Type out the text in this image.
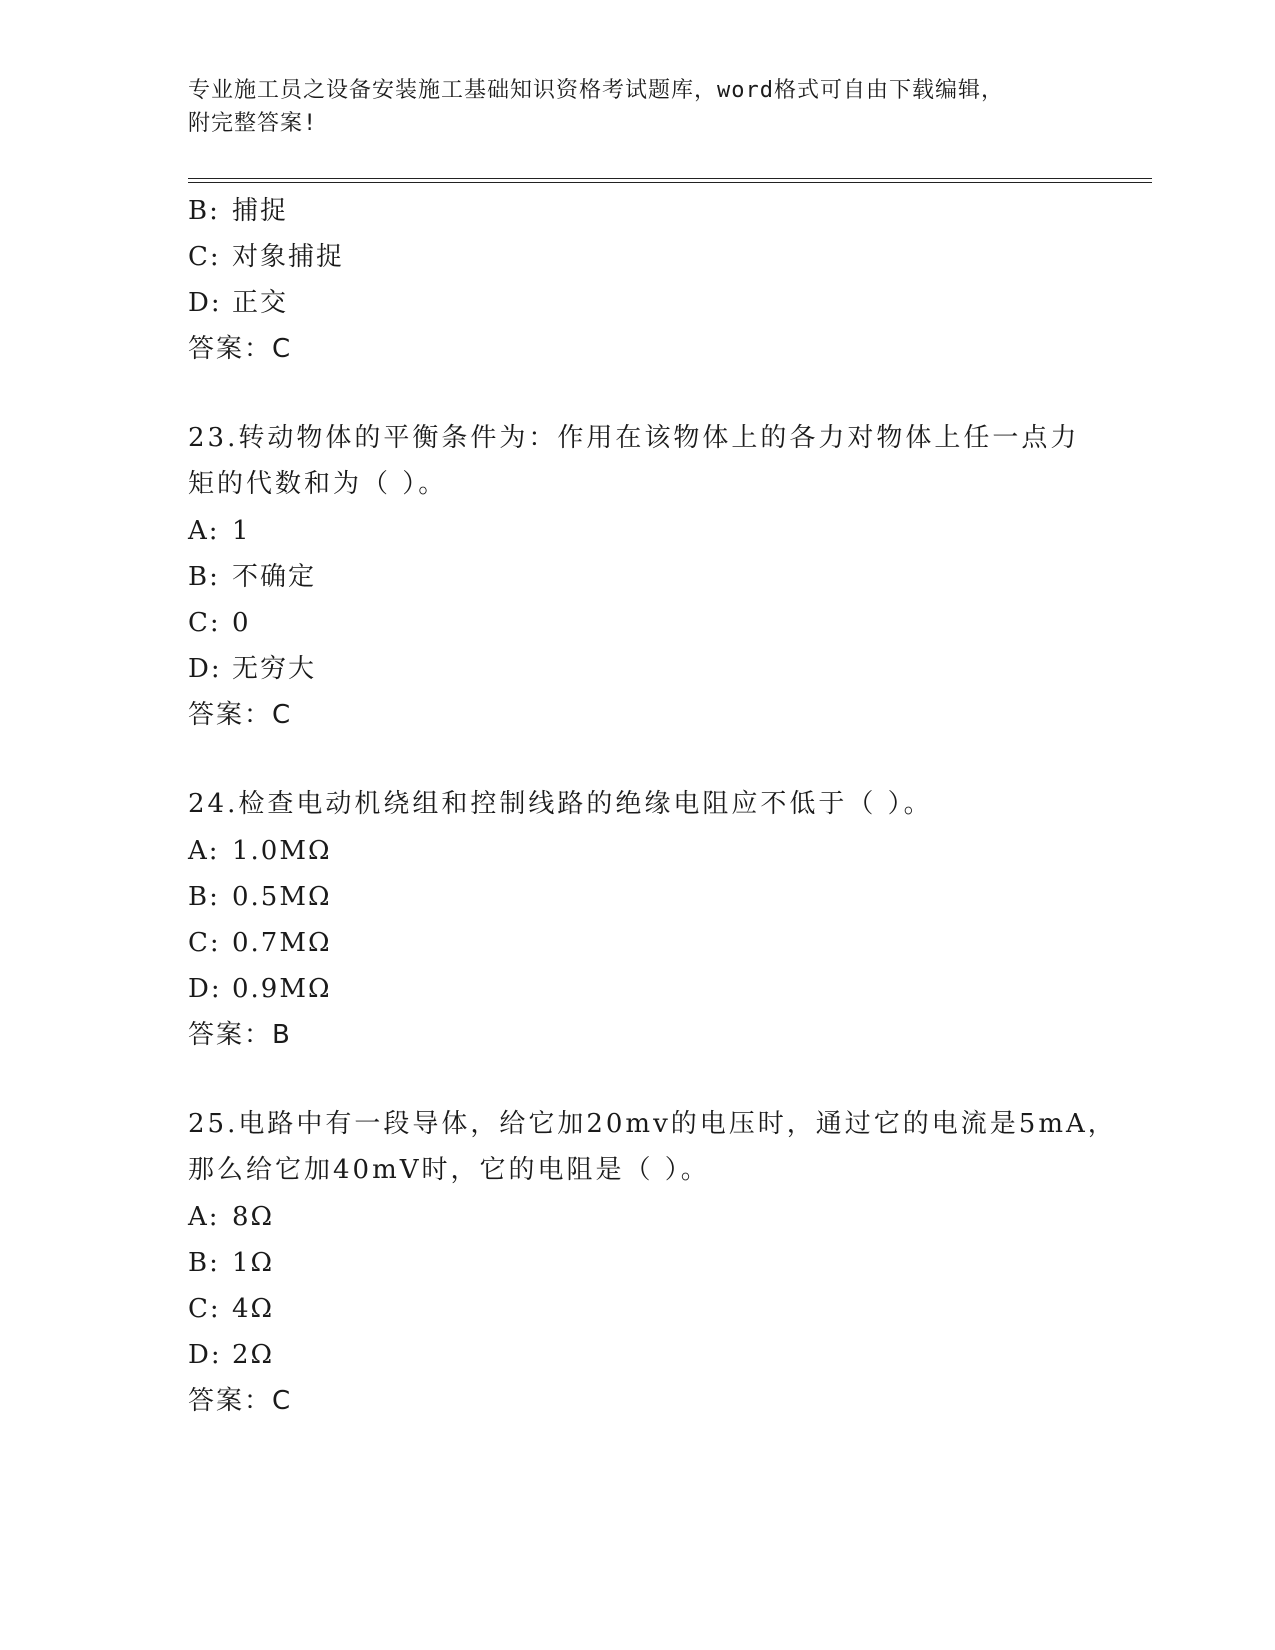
专业施工员之设备安装施工基础知识资格考试题库，word格式可自由下载编辑，
附完整答案!
B: 捕捉
C: 对象捕捉
D: 正交
答案：C
23.转动物体的平衡条件为：作用在该物体上的各力对物体上任一点力
矩的代数和为（ ）。
A: 1
B: 不确定
C: 0
D: 无穷大
答案：C
24.检查电动机绕组和控制线路的绝缘电阻应不低于（ ）。
A: 1.0MΩ
B: 0.5MΩ
C: 0.7MΩ
D: 0.9MΩ
答案：B
25.电路中有一段导体，给它加20mv的电压时，通过它的电流是5mA，
那么给它加40mV时，它的电阻是（ ）。
A: 8Ω
B: 1Ω
C: 4Ω
D: 2Ω
答案：C
